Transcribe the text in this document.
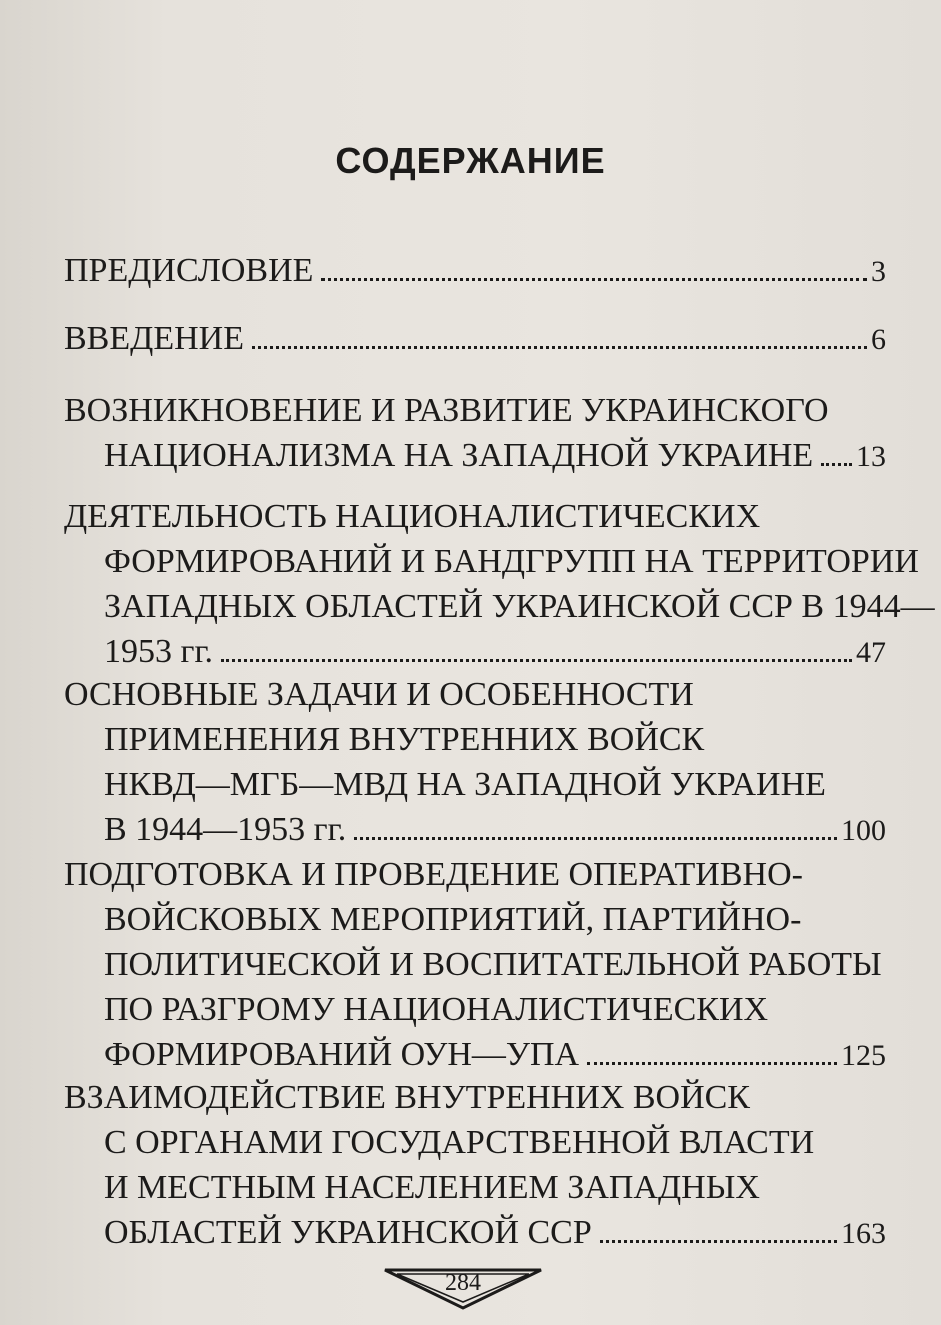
СОДЕРЖАНИЕ
ПРЕДИСЛОВИЕ	3
ВВЕДЕНИЕ	6
ВОЗНИКНОВЕНИЕ И РАЗВИТИЕ УКРАИНСКОГО
НАЦИОНАЛИЗМА НА ЗАПАДНОЙ УКРАИНЕ 13
ДЕЯТЕЛЬНОСТЬ НАЦИОНАЛИСТИЧЕСКИХ
ФОРМИРОВАНИЙ И БАНДГРУПП НА ТЕРРИТОРИИ
ЗАПАДНЫХ ОБЛАСТЕЙ УКРАИНСКОЙ ССР В 1944—
1953 гг.	47
ОСНОВНЫЕ ЗАДАЧИ И ОСОБЕННОСТИ
ПРИМЕНЕНИЯ ВНУТРЕННИХ ВОЙСК
НКВД—МГБ—МВД НА ЗАПАДНОЙ УКРАИНЕ
В 1944—1953 гг.	100
ПОДГОТОВКА И ПРОВЕДЕНИЕ ОПЕРАТИВНО-
ВОЙСКОВЫХ МЕРОПРИЯТИЙ, ПАРТИЙНО-
ПОЛИТИЧЕСКОЙ И ВОСПИТАТЕЛЬНОЙ РАБОТЫ
ПО РАЗГРОМУ НАЦИОНАЛИСТИЧЕСКИХ
ФОРМИРОВАНИЙ ОУН—УПА	125
ВЗАИМОДЕЙСТВИЕ ВНУТРЕННИХ ВОЙСК
С ОРГАНАМИ ГОСУДАРСТВЕННОЙ ВЛАСТИ
И МЕСТНЫМ НАСЕЛЕНИЕМ ЗАПАДНЫХ
ОБЛАСТЕЙ УКРАИНСКОЙ ССР	163
284
